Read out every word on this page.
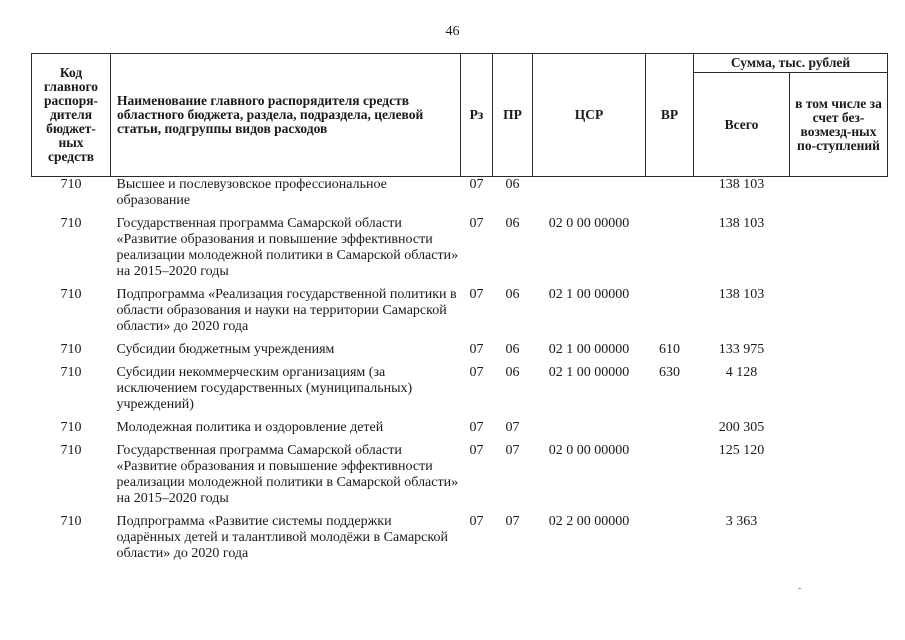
46
Код главного распоря-дителя бюджет-ных средств	Наименование главного распорядителя средств областного бюджета, раздела, подраздела, целевой статьи, подгруппы видов расходов	Рз	ПР	ЦСР	ВР	Сумма, тыс. рублей	
						Всего	в том числе за счет без-возмезд-ных по-ступлений
710	Высшее и послевузовское профессиональное образование	07	06			138 103	
710	Государственная программа Самарской области «Развитие образования и повышение эффективности реализации молодежной политики в Самарской области» на 2015–2020 годы	07	06	02 0 00 00000		138 103	
710	Подпрограмма «Реализация государственной политики в области образования и науки на территории Самарской области» до 2020 года	07	06	02 1 00 00000		138 103	
710	Субсидии бюджетным учреждениям	07	06	02 1 00 00000	610	133 975	
710	Субсидии некоммерческим организациям (за исключением государственных (муниципальных) учреждений)	07	06	02 1 00 00000	630	4 128	
710	Молодежная политика и оздоровление детей	07	07			200 305	
710	Государственная программа Самарской области «Развитие образования и повышение эффективности реализации молодежной политики в Самарской области» на 2015–2020 годы	07	07	02 0 00 00000		125 120	
710	Подпрограмма «Развитие системы поддержки одарённых детей и талантливой молодёжи в Самарской области» до 2020 года	07	07	02 2 00 00000		3 363	
